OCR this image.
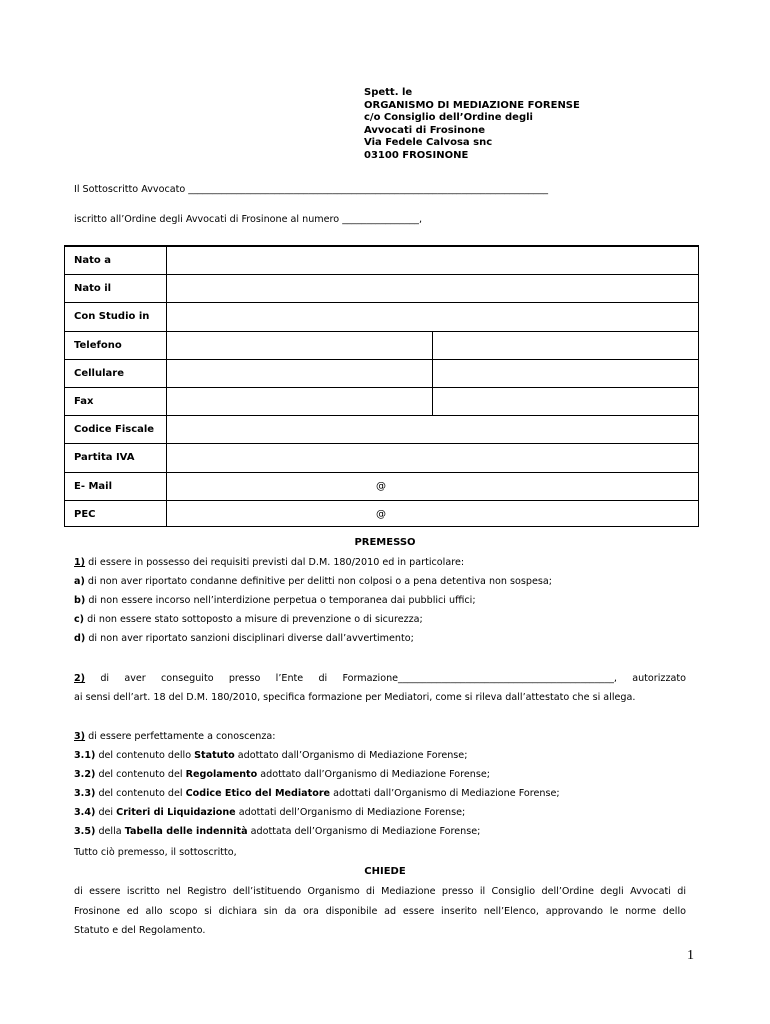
Spett. le
ORGANISMO DI MEDIAZIONE FORENSE
c/o Consiglio dell’Ordine degli
Avvocati di Frosinone
Via Fedele Calvosa snc
03100 FROSINONE
Il Sottoscritto Avvocato ___________________________________________________________________________
iscritto all’Ordine degli Avvocati di Frosinone al numero ________________,
Nato a
Nato il
Con Studio in
Telefono
Cellulare
Fax
Codice Fiscale
Partita IVA
E- Mail	@
PEC	@
PREMESSO
1) di essere in possesso dei requisiti previsti dal D.M. 180/2010 ed in particolare:
a) di non aver riportato condanne definitive per delitti non colposi o a pena detentiva non sospesa;
b) di non essere incorso nell’interdizione perpetua o temporanea dai pubblici uffici;
c) di non essere stato sottoposto a misure di prevenzione o di sicurezza;
d) di non aver riportato sanzioni disciplinari diverse dall’avvertimento;
2) di aver conseguito presso l’Ente di Formazione_____________________________________________, autorizzato
ai sensi dell’art. 18 del D.M. 180/2010, specifica formazione per Mediatori, come si rileva dall’attestato che si allega.
3) di essere perfettamente a conoscenza:
3.1) del contenuto dello Statuto adottato dall’Organismo di Mediazione Forense;
3.2) del contenuto del Regolamento adottato dall’Organismo di Mediazione Forense;
3.3) del contenuto del Codice Etico del Mediatore adottati dall’Organismo di Mediazione Forense;
3.4) dei Criteri di Liquidazione adottati dell’Organismo di Mediazione Forense;
3.5) della Tabella delle indennità adottata dell’Organismo di Mediazione Forense;
Tutto ciò premesso, il sottoscritto,
CHIEDE
di essere iscritto nel Registro dell’istituendo Organismo di Mediazione presso il Consiglio dell’Ordine degli Avvocati di
Frosinone ed allo scopo si dichiara sin da ora disponibile ad essere inserito nell’Elenco, approvando le norme dello
Statuto e del Regolamento.
1
